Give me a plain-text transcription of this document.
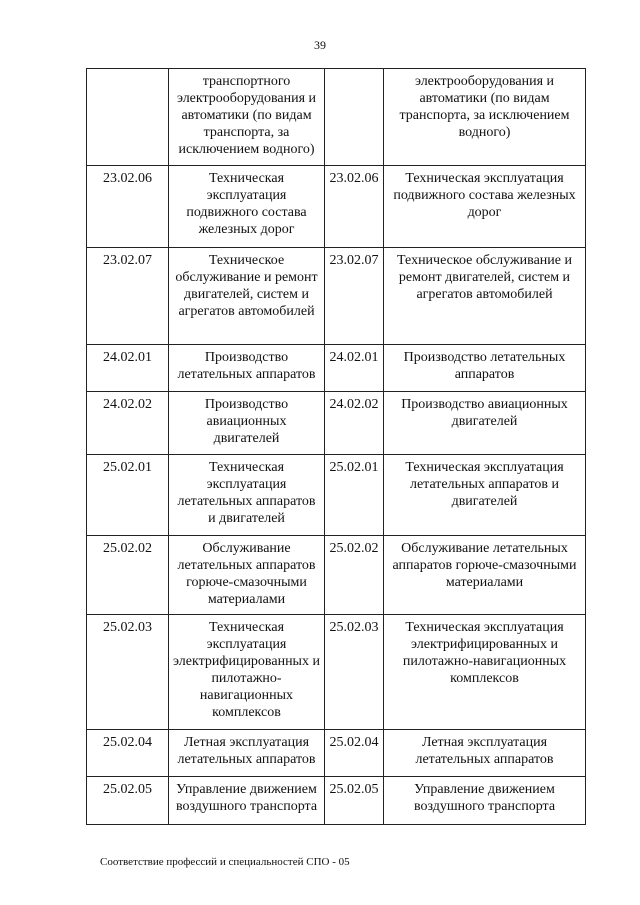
39
	транспортного электрооборудования и автоматики (по видам транспорта, за исключением водного)		электрооборудования и автоматики (по видам транспорта, за исключением водного)
23.02.06	Техническая эксплуатация подвижного состава железных дорог	23.02.06	Техническая эксплуатация подвижного состава железных дорог
23.02.07	Техническое обслуживание и ремонт двигателей, систем и агрегатов автомобилей	23.02.07	Техническое обслуживание и ремонт двигателей, систем и агрегатов автомобилей
24.02.01	Производство летательных аппаратов	24.02.01	Производство летательных аппаратов
24.02.02	Производство авиационных двигателей	24.02.02	Производство авиационных двигателей
25.02.01	Техническая эксплуатация летательных аппаратов и двигателей	25.02.01	Техническая эксплуатация летательных аппаратов и двигателей
25.02.02	Обслуживание летательных аппаратов горюче-смазочными материалами	25.02.02	Обслуживание летательных аппаратов горюче-смазочными материалами
25.02.03	Техническая эксплуатация электрифицированных и пилотажно-навигационных комплексов	25.02.03	Техническая эксплуатация электрифицированных и пилотажно-навигационных комплексов
25.02.04	Летная эксплуатация летательных аппаратов	25.02.04	Летная эксплуатация летательных аппаратов
25.02.05	Управление движением воздушного транспорта	25.02.05	Управление движением воздушного транспорта
Соответствие профессий и специальностей СПО - 05
